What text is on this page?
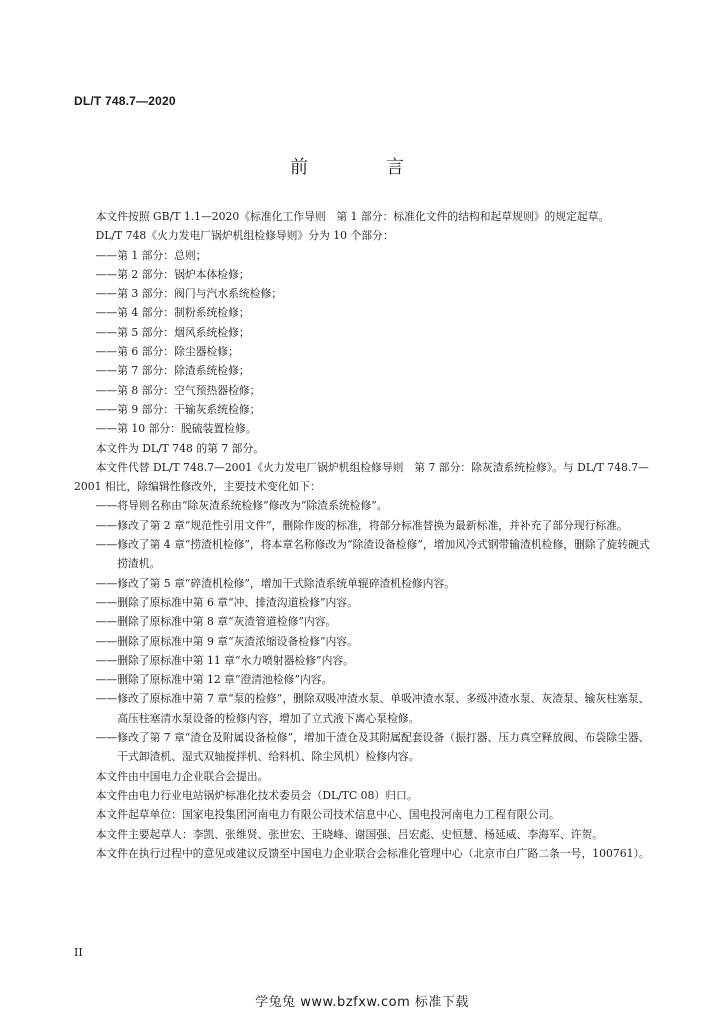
DL/T 748.7—2020
前　言

本文件按照 GB/T 1.1—2020《标准化工作导则　第 1 部分：标准化文件的结构和起草规则》的规定起草。

DL/T 748《火力发电厂锅炉机组检修导则》分为 10 个部分：

——第 1 部分：总则；

——第 2 部分：锅炉本体检修；

——第 3 部分：阀门与汽水系统检修；

——第 4 部分：制粉系统检修；

——第 5 部分：烟风系统检修；

——第 6 部分：除尘器检修；

——第 7 部分：除渣系统检修；

——第 8 部分：空气预热器检修；

——第 9 部分：干输灰系统检修；

——第 10 部分：脱硫装置检修。

本文件为 DL/T 748 的第 7 部分。

本文件代替 DL/T 748.7—2001《火力发电厂锅炉机组检修导则　第 7 部分：除灰渣系统检修》。与 DL/T 748.7—2001 相比，除编辑性修改外，主要技术变化如下：

——将导则名称由“除灰渣系统检修”修改为“除渣系统检修”。

——修改了第 2 章“规范性引用文件”，删除作废的标准，将部分标准替换为最新标准，并补充了部分现行标准。

——修改了第 4 章“捞渣机检修”，将本章名称修改为“除渣设备检修”，增加风冷式钢带输渣机检修，删除了旋转碗式捞渣机。

——修改了第 5 章“碎渣机检修”，增加干式除渣系统单辊碎渣机检修内容。

——删除了原标准中第 6 章“冲、排渣沟道检修”内容。

——删除了原标准中第 8 章“灰渣管道检修”内容。

——删除了原标准中第 9 章“灰渣浓缩设备检修”内容。

——删除了原标准中第 11 章“水力喷射器检修”内容。

——删除了原标准中第 12 章“澄清池检修”内容。

——修改了原标准中第 7 章“泵的检修”，删除双吸冲渣水泵、单吸冲渣水泵、多级冲渣水泵、灰渣泵、输灰柱塞泵、高压柱塞清水泵设备的检修内容，增加了立式液下离心泵检修。

——修改了第 7 章“渣仓及附属设备检修”，增加干渣仓及其附属配套设备（振打器、压力真空释放阀、布袋除尘器、干式卸渣机、湿式双轴搅拌机、给料机、除尘风机）检修内容。

本文件由中国电力企业联合会提出。

本文件由电力行业电站锅炉标准化技术委员会（DL/TC 08）归口。

本文件起草单位：国家电投集团河南电力有限公司技术信息中心、国电投河南电力工程有限公司。

本文件主要起草人：李凯、张维贤、张世宏、王晓峰、谢国强、吕宏彪、史恒慧、杨延威、李海军、许贺。

本文件在执行过程中的意见或建议反馈至中国电力企业联合会标准化管理中心（北京市白广路二条一号，100761）。

II
学兔兔 www.bzfxw.com 标准下载
